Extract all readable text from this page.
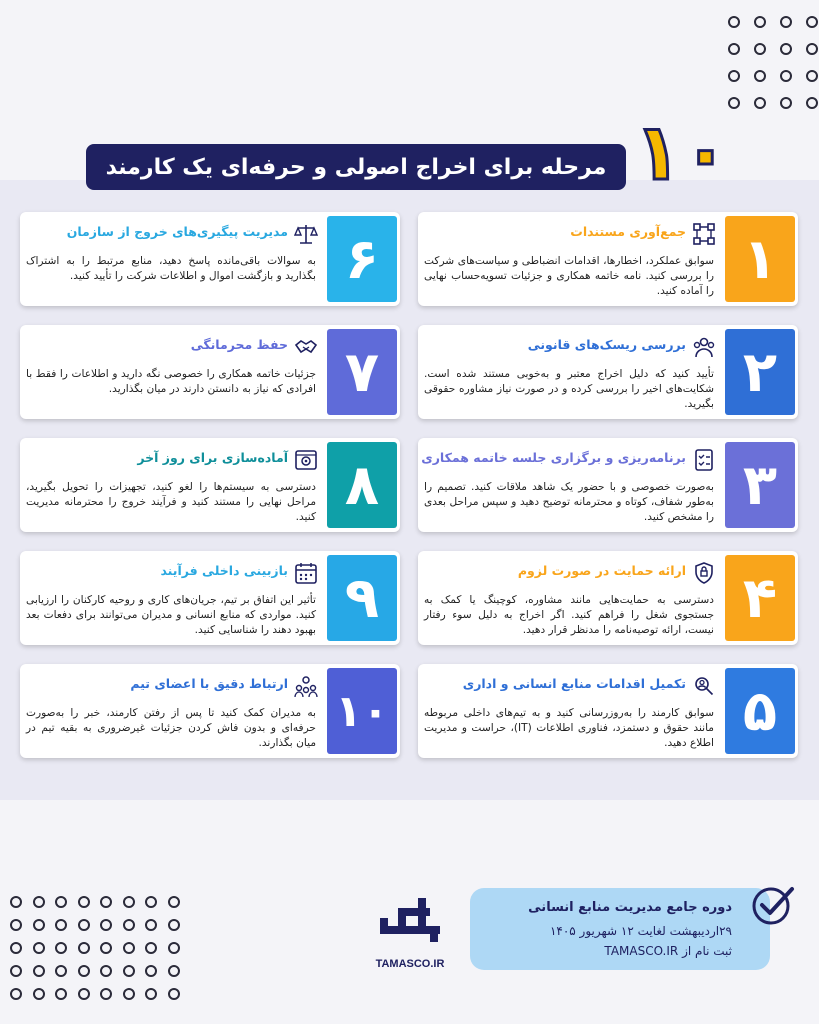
مرحله برای اخراج اصولی و حرفه‌ای یک کارمند ۱۰
۱
جمع‌آوری مستندات
سوابق عملکرد، اخطارها، اقدامات انضباطی و سیاست‌های شرکت را بررسی کنید. نامه خاتمه همکاری و جزئیات تسویه‌حساب نهایی را آماده کنید.
۲
بررسی ریسک‌های قانونی
تأیید کنید که دلیل اخراج معتبر و به‌خوبی مستند شده است. شکایت‌های اخیر را بررسی کرده و در صورت نیاز مشاوره حقوقی بگیرید.
۳
برنامه‌ریزی و برگزاری جلسه خاتمه همکاری
به‌صورت خصوصی و با حضور یک شاهد ملاقات کنید. تصمیم را به‌طور شفاف، کوتاه و محترمانه توضیح دهید و سپس مراحل بعدی را مشخص کنید.
۴
ارائه حمایت در صورت لزوم
دسترسی به حمایت‌هایی مانند مشاوره، کوچینگ یا کمک به جستجوی شغل را فراهم کنید. اگر اخراج به دلیل سوء رفتار نیست، ارائه توصیه‌نامه را مدنظر قرار دهید.
۵
تکمیل اقدامات منابع انسانی و اداری
سوابق کارمند را به‌روزرسانی کنید و به تیم‌های داخلی مربوطه مانند حقوق و دستمزد، فناوری اطلاعات (IT)، حراست و مدیریت اطلاع دهید.
۶
مدیریت پیگیری‌های خروج از سازمان
به سوالات باقی‌مانده پاسخ دهید، منابع مرتبط را به اشتراک بگذارید و بازگشت اموال و اطلاعات شرکت را تأیید کنید.
۷
حفظ محرمانگی
جزئیات خاتمه همکاری را خصوصی نگه دارید و اطلاعات را فقط با افرادی که نیاز به دانستن دارند در میان بگذارید.
۸
آماده‌سازی برای روز آخر
دسترسی به سیستم‌ها را لغو کنید، تجهیزات را تحویل بگیرید، مراحل نهایی را مستند کنید و فرآیند خروج را محترمانه مدیریت کنید.
۹
بازبینی داخلی فرآیند
تأثیر این اتفاق بر تیم، جریان‌های کاری و روحیه کارکنان را ارزیابی کنید. مواردی که منابع انسانی و مدیران می‌توانند برای دفعات بعد بهبود دهند را شناسایی کنید.
۱۰
ارتباط دقیق با اعضای تیم
به مدیران کمک کنید تا پس از رفتن کارمند، خبر را به‌صورت حرفه‌ای و بدون فاش کردن جزئیات غیرضروری به بقیه تیم در میان بگذارند.
TAMASCO.IR
دوره جامع مدیریت منابع انسانی
۲۹اردیبهشت لغایت ۱۲ شهریور ۱۴۰۵
ثبت نام از TAMASCO.IR
